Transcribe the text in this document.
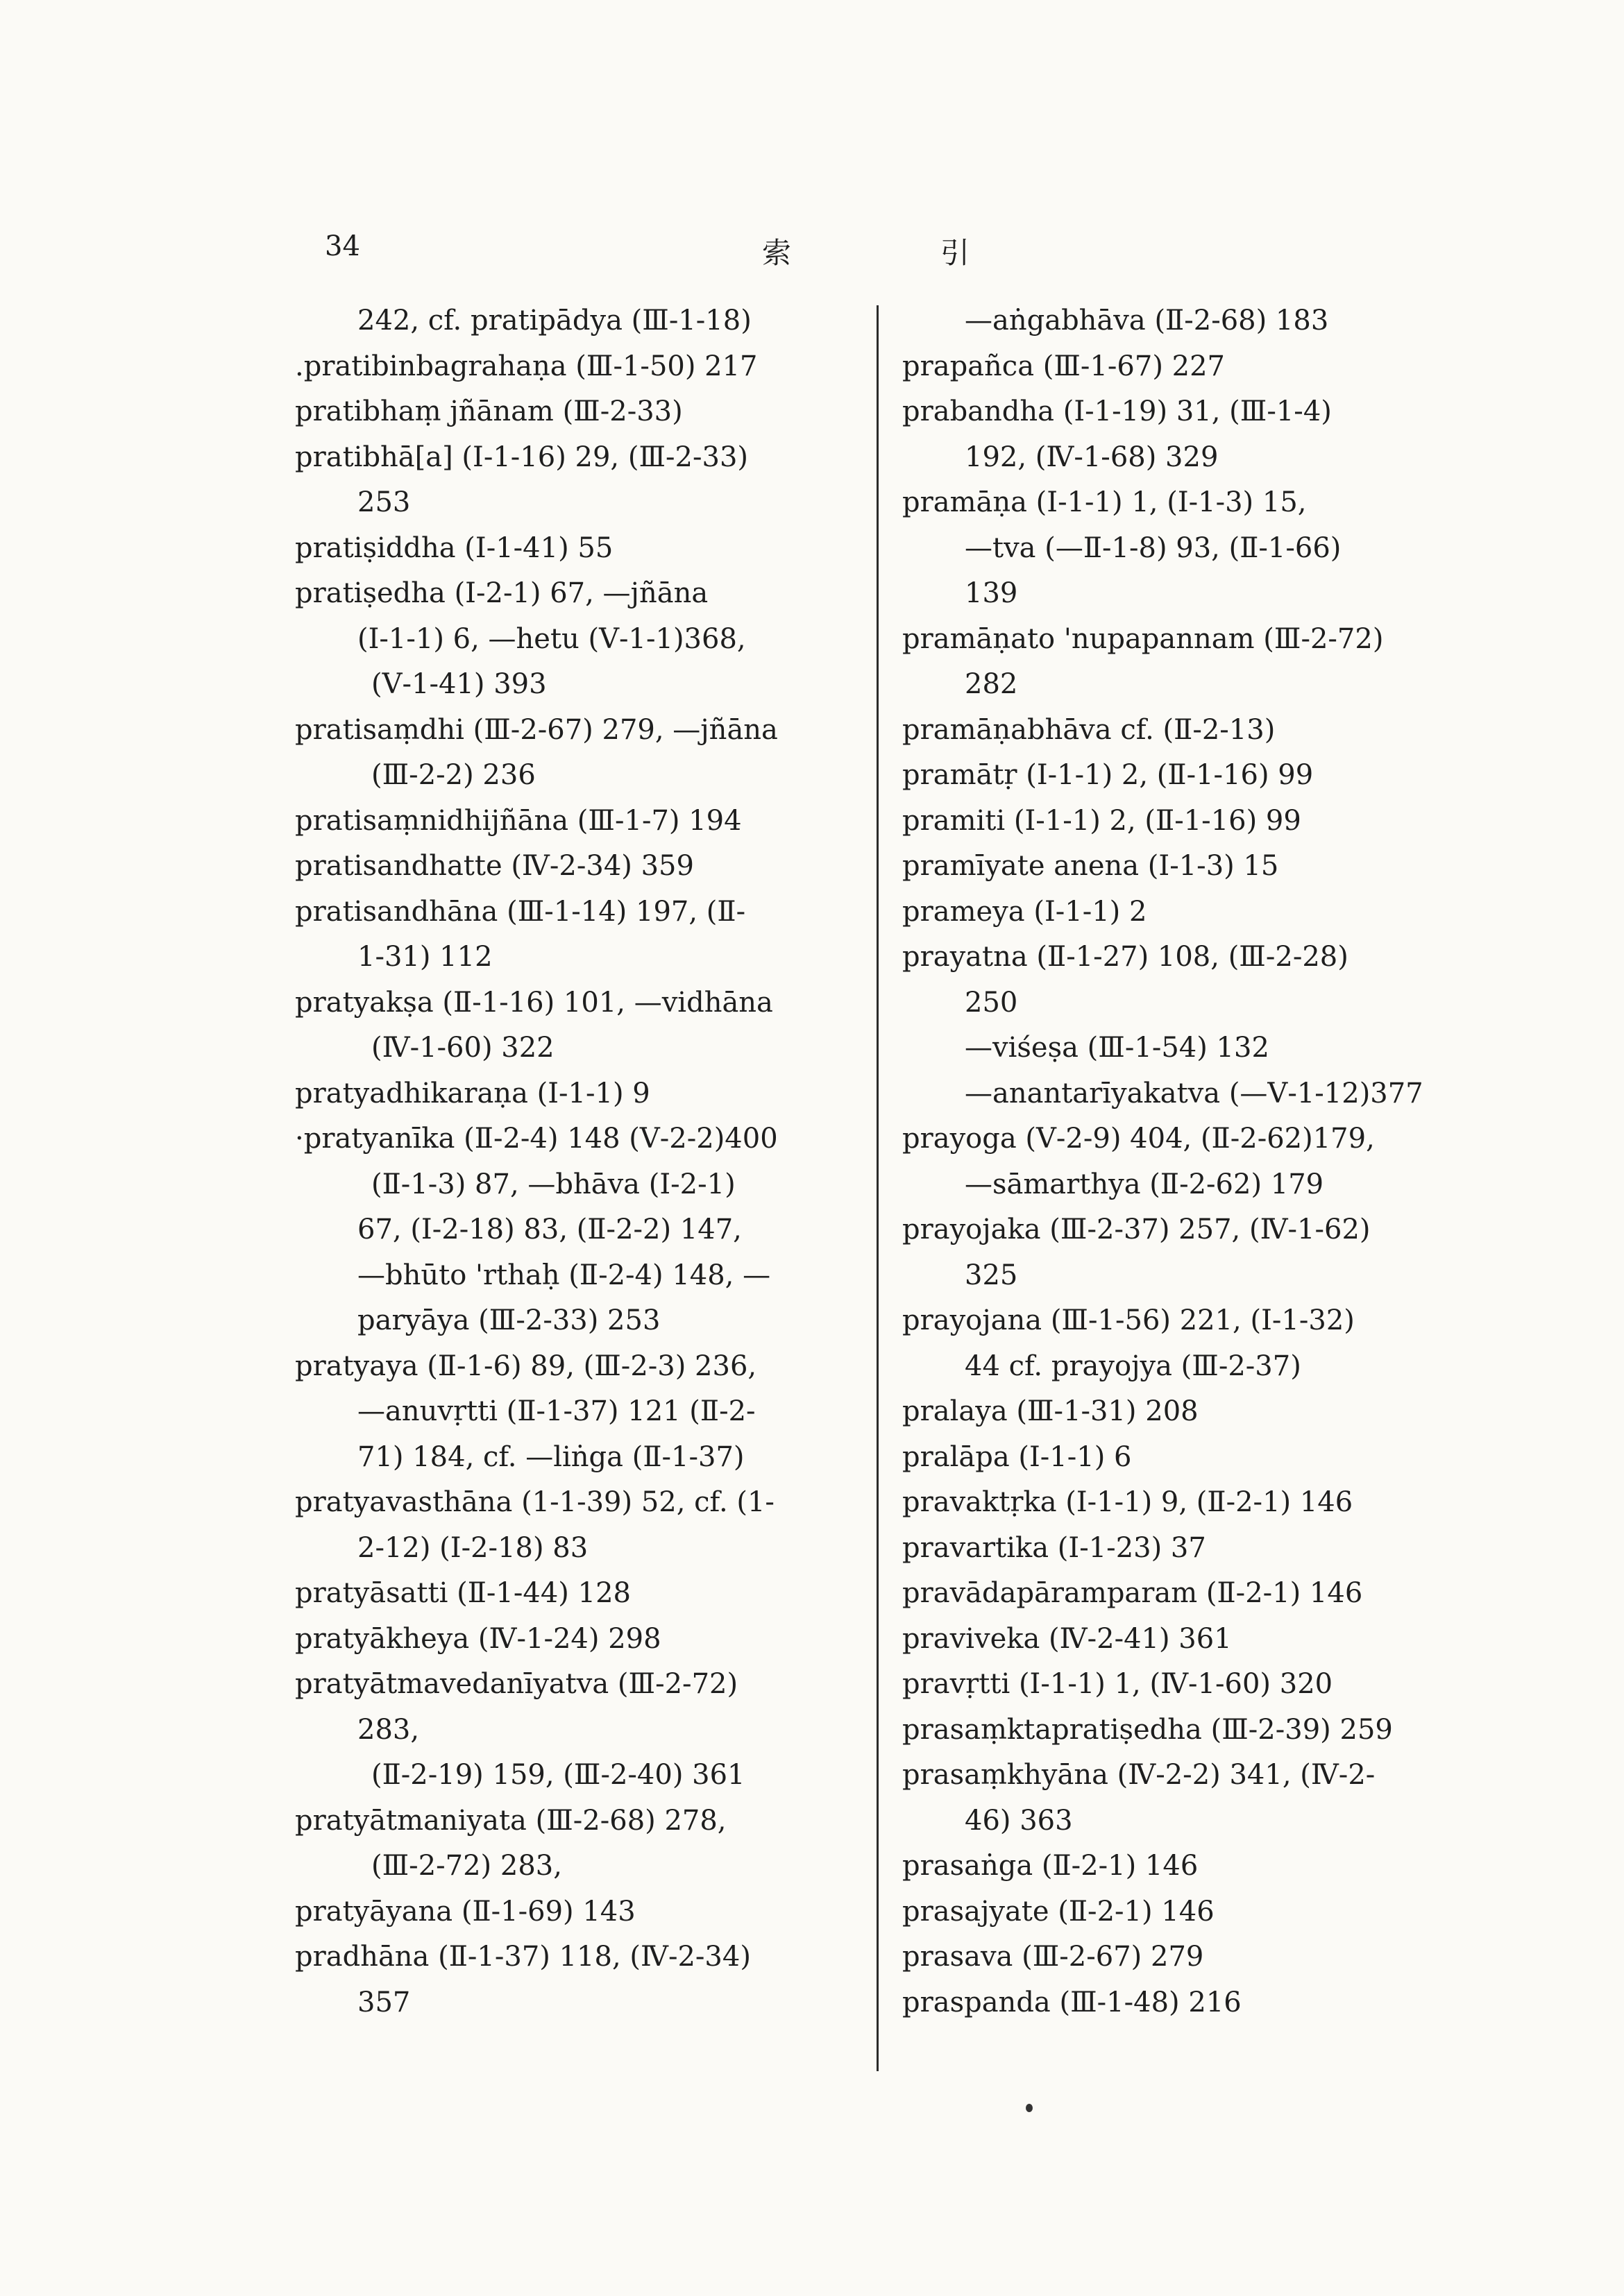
34	索	引
242, cf. pratipādya (Ⅲ-1-18)
.pratibinbagrahaṇa (Ⅲ-1-50) 217
pratibhaṃ jñānam (Ⅲ-2-33)
pratibhā[a] (Ⅰ-1-16) 29, (Ⅲ-2-33)
253
pratiṣiddha (Ⅰ-1-41) 55
pratiṣedha (Ⅰ-2-1) 67, —jñāna
(Ⅰ-1-1) 6, —hetu (Ⅴ-1-1)368,
(Ⅴ-1-41) 393
pratisaṃdhi (Ⅲ-2-67) 279, —jñāna
(Ⅲ-2-2) 236
pratisaṃnidhijñāna (Ⅲ-1-7) 194
pratisandhatte (Ⅳ-2-34) 359
pratisandhāna (Ⅲ-1-14) 197, (Ⅱ-
1-31) 112
pratyakṣa (Ⅱ-1-16) 101, —vidhāna
(Ⅳ-1-60) 322
pratyadhikaraṇa (Ⅰ-1-1) 9
·pratyanīka (Ⅱ-2-4) 148 (Ⅴ-2-2)400
(Ⅱ-1-3) 87, —bhāva (Ⅰ-2-1)
67, (Ⅰ-2-18) 83, (Ⅱ-2-2) 147,
—bhūto 'rthaḥ (Ⅱ-2-4) 148, —
paryāya (Ⅲ-2-33) 253
pratyaya (Ⅱ-1-6) 89, (Ⅲ-2-3) 236,
—anuvṛtti (Ⅱ-1-37) 121 (Ⅱ-2-
71) 184, cf. —liṅga (Ⅱ-1-37)
pratyavasthāna (1-1-39) 52, cf. (1-
2-12) (Ⅰ-2-18) 83
pratyāsatti (Ⅱ-1-44) 128
pratyākheya (Ⅳ-1-24) 298
pratyātmavedanīyatva (Ⅲ-2-72)
283,
(Ⅱ-2-19) 159, (Ⅲ-2-40) 361
pratyātmaniyata (Ⅲ-2-68) 278,
(Ⅲ-2-72) 283,
pratyāyana (Ⅱ-1-69) 143
pradhāna (Ⅱ-1-37) 118, (Ⅳ-2-34)
357
—aṅgabhāva (Ⅱ-2-68) 183
prapañca (Ⅲ-1-67) 227
prabandha (Ⅰ-1-19) 31, (Ⅲ-1-4)
192, (Ⅳ-1-68) 329
pramāṇa (Ⅰ-1-1) 1, (Ⅰ-1-3) 15,
—tva (—Ⅱ-1-8) 93, (Ⅱ-1-66)
139
pramāṇato 'nupapannam (Ⅲ-2-72)
282
pramāṇabhāva cf. (Ⅱ-2-13)
pramātṛ (Ⅰ-1-1) 2, (Ⅱ-1-16) 99
pramiti (Ⅰ-1-1) 2, (Ⅱ-1-16) 99
pramīyate anena (Ⅰ-1-3) 15
prameya (Ⅰ-1-1) 2
prayatna (Ⅱ-1-27) 108, (Ⅲ-2-28)
250
—viśeṣa (Ⅲ-1-54) 132
—anantarīyakatva (—Ⅴ-1-12)377
prayoga (Ⅴ-2-9) 404, (Ⅱ-2-62)179,
—sāmarthya (Ⅱ-2-62) 179
prayojaka (Ⅲ-2-37) 257, (Ⅳ-1-62)
325
prayojana (Ⅲ-1-56) 221, (Ⅰ-1-32)
44 cf. prayojya (Ⅲ-2-37)
pralaya (Ⅲ-1-31) 208
pralāpa (Ⅰ-1-1) 6
pravaktṛka (Ⅰ-1-1) 9, (Ⅱ-2-1) 146
pravartika (Ⅰ-1-23) 37
pravādapāramparam (Ⅱ-2-1) 146
praviveka (Ⅳ-2-41) 361
pravṛtti (Ⅰ-1-1) 1, (Ⅳ-1-60) 320
prasaṃktapratiṣedha (Ⅲ-2-39) 259
prasaṃkhyāna (Ⅳ-2-2) 341, (Ⅳ-2-
46) 363
prasaṅga (Ⅱ-2-1) 146
prasajyate (Ⅱ-2-1) 146
prasava (Ⅲ-2-67) 279
praspanda (Ⅲ-1-48) 216
